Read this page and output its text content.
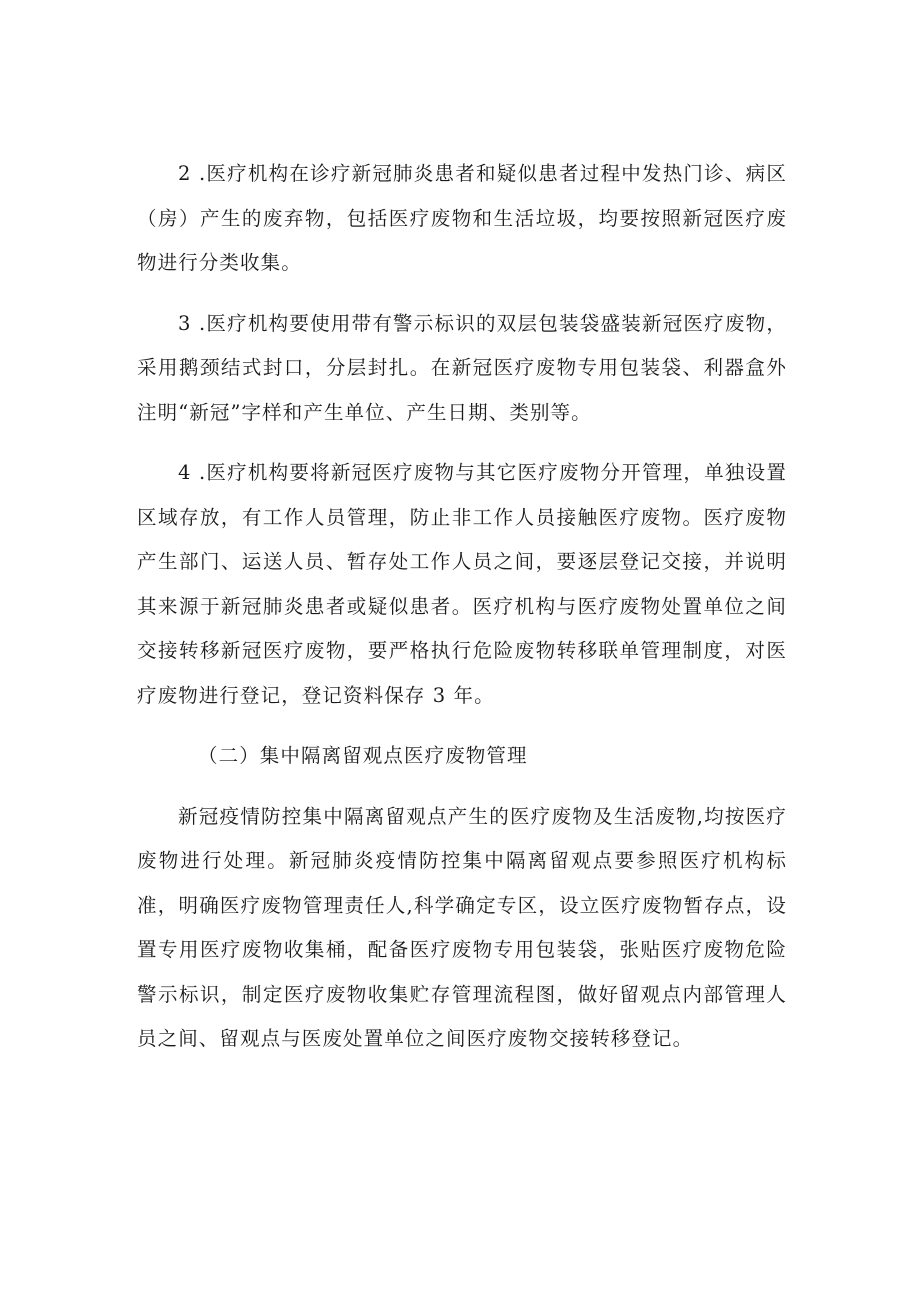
2 .医疗机构在诊疗新冠肺炎患者和疑似患者过程中发热门诊、病区（房）产生的废弃物，包括医疗废物和生活垃圾，均要按照新冠医疗废物进行分类收集。

3 .医疗机构要使用带有警示标识的双层包装袋盛装新冠医疗废物，采用鹅颈结式封口，分层封扎。在新冠医疗废物专用包装袋、利器盒外注明“新冠”字样和产生单位、产生日期、类别等。

4 .医疗机构要将新冠医疗废物与其它医疗废物分开管理，单独设置区域存放，有工作人员管理，防止非工作人员接触医疗废物。医疗废物产生部门、运送人员、暂存处工作人员之间，要逐层登记交接，并说明其来源于新冠肺炎患者或疑似患者。医疗机构与医疗废物处置单位之间交接转移新冠医疗废物，要严格执行危险废物转移联单管理制度，对医疗废物进行登记，登记资料保存 3 年。

（二）集中隔离留观点医疗废物管理

新冠疫情防控集中隔离留观点产生的医疗废物及生活废物,均按医疗废物进行处理。新冠肺炎疫情防控集中隔离留观点要参照医疗机构标准，明确医疗废物管理责任人,科学确定专区，设立医疗废物暂存点，设置专用医疗废物收集桶，配备医疗废物专用包装袋，张贴医疗废物危险警示标识，制定医疗废物收集贮存管理流程图，做好留观点内部管理人员之间、留观点与医废处置单位之间医疗废物交接转移登记。
